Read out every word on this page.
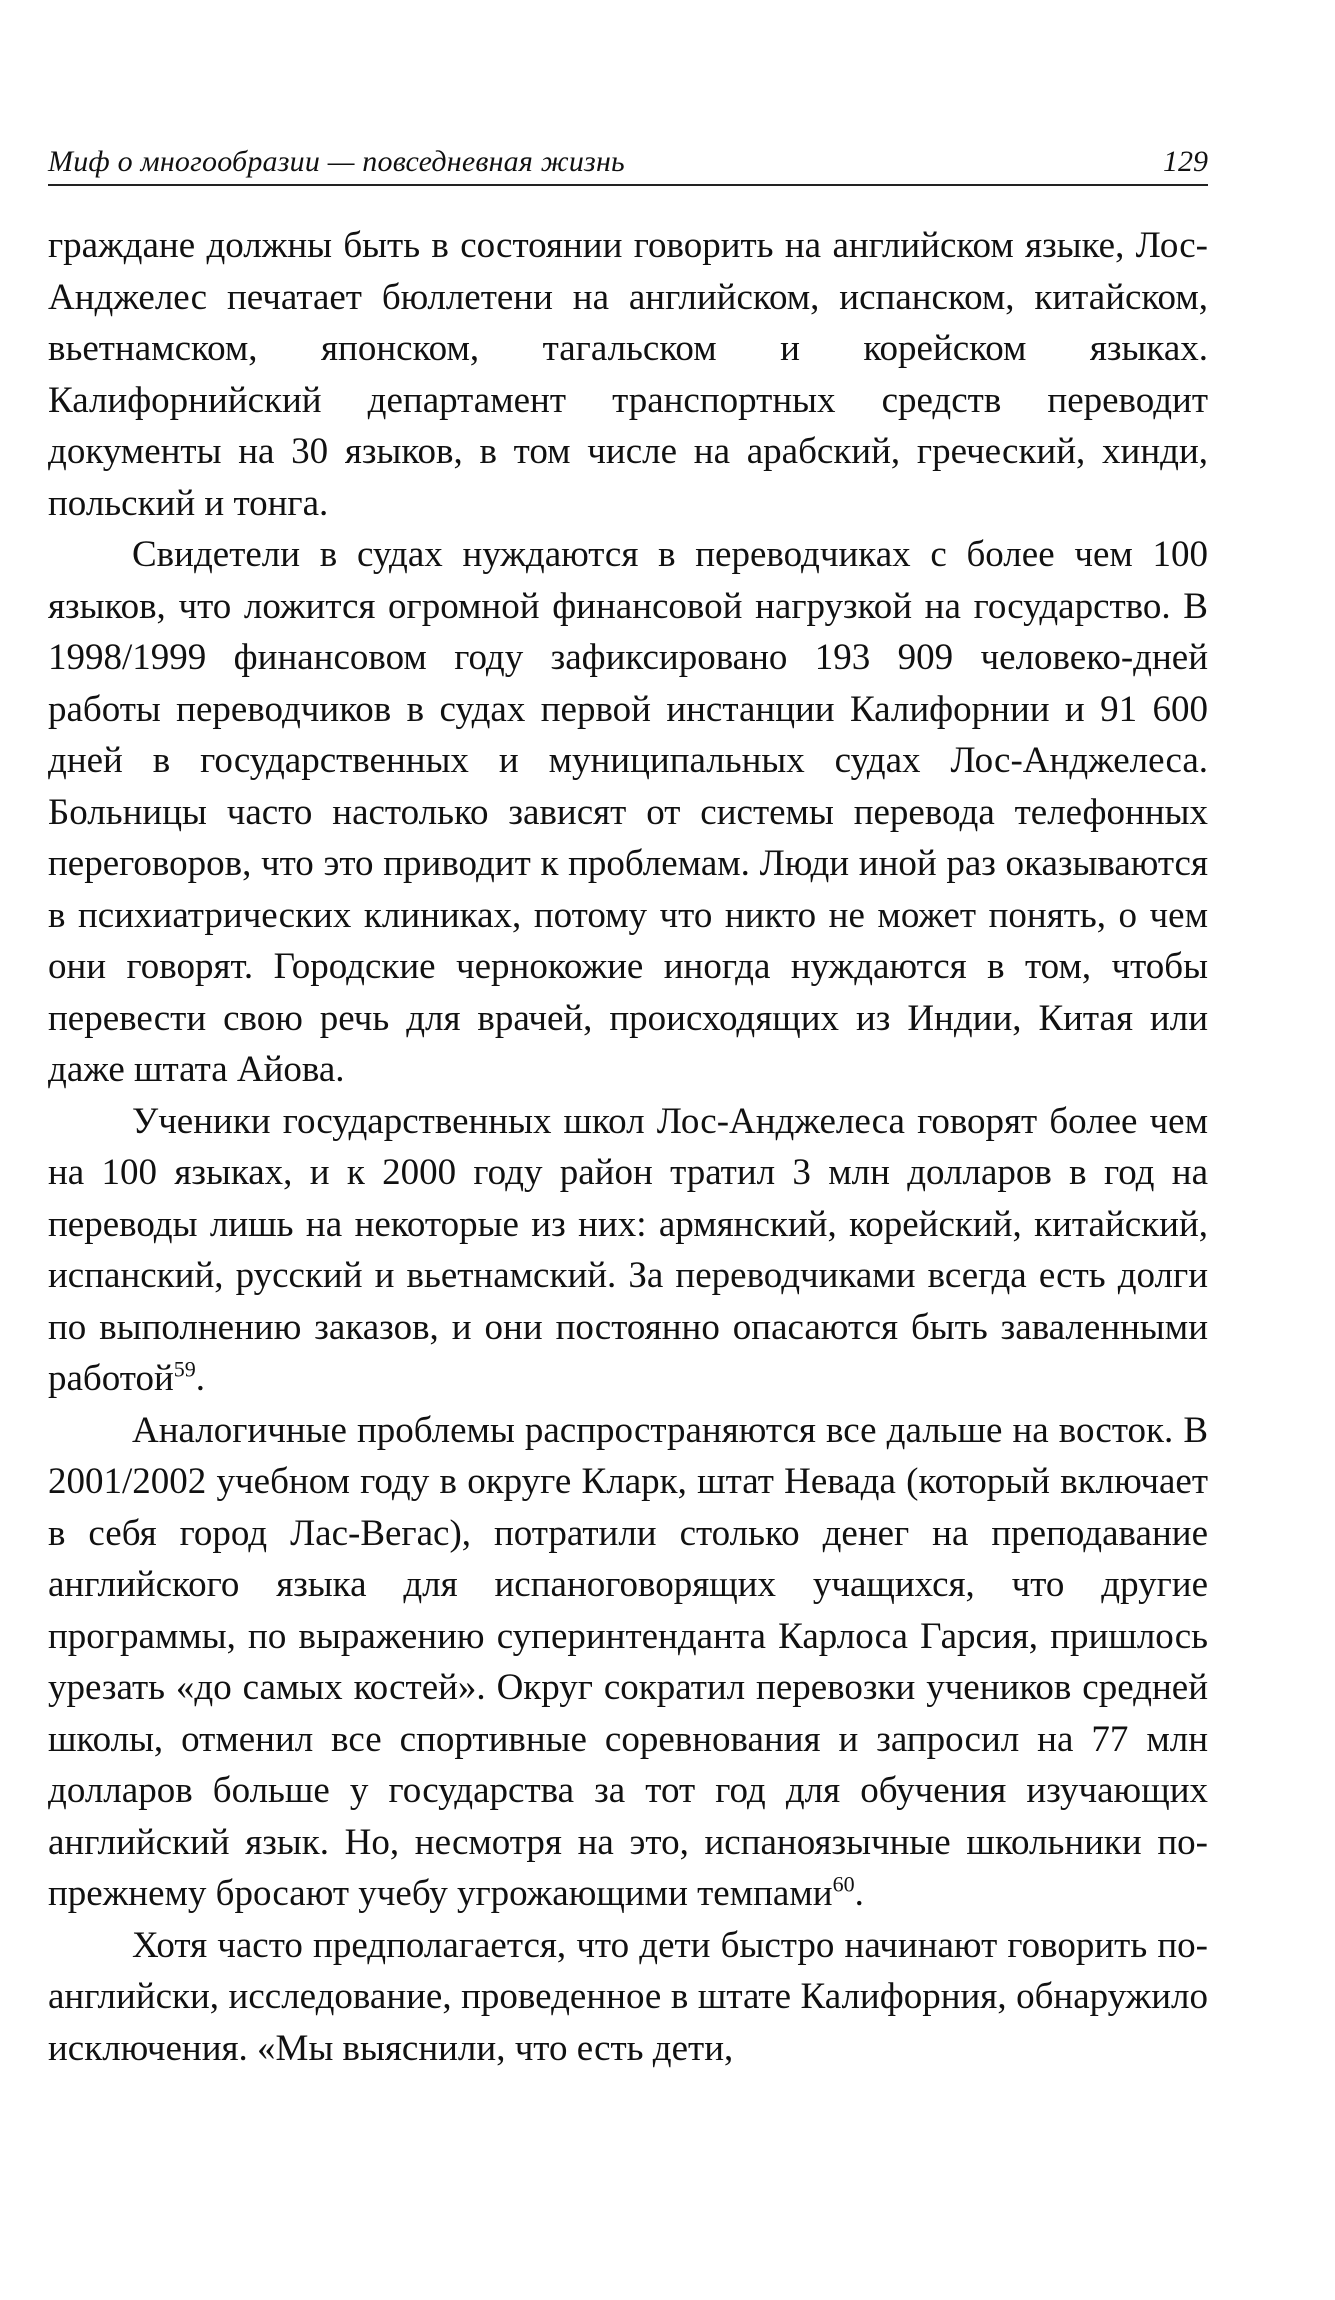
Миф о многообразии — повседневная жизнь	129

граждане должны быть в состоянии говорить на английском языке, Лос-Анджелес печатает бюллетени на английском, испанском, китайском, вьетнамском, японском, тагальском и корейском языках. Калифорнийский департамент транспортных средств переводит документы на 30 языков, в том числе на арабский, греческий, хинди, польский и тонга.

Свидетели в судах нуждаются в переводчиках с более чем 100 языков, что ложится огромной финансовой нагрузкой на государство. В 1998/1999 финансовом году зафиксировано 193 909 человеко-дней работы переводчиков в судах первой инстанции Калифорнии и 91 600 дней в государственных и муниципальных судах Лос-Анджелеса. Больницы часто настолько зависят от системы перевода телефонных переговоров, что это приводит к проблемам. Люди иной раз оказываются в психиатрических клиниках, потому что никто не может понять, о чем они говорят. Городские чернокожие иногда нуждаются в том, чтобы перевести свою речь для врачей, происходящих из Индии, Китая или даже штата Айова.

Ученики государственных школ Лос-Анджелеса говорят более чем на 100 языках, и к 2000 году район тратил 3 млн долларов в год на переводы лишь на некоторые из них: армянский, корейский, китайский, испанский, русский и вьетнамский. За переводчиками всегда есть долги по выполнению заказов, и они постоянно опасаются быть заваленными работой$^{59}$.

Аналогичные проблемы распространяются все дальше на восток. В 2001/2002 учебном году в округе Кларк, штат Невада (который включает в себя город Лас-Вегас), потратили столько денег на преподавание английского языка для испаноговорящих учащихся, что другие программы, по выражению суперинтенданта Карлоса Гарсия, пришлось урезать «до самых костей». Округ сократил перевозки учеников средней школы, отменил все спортивные соревнования и запросил на 77 млн долларов больше у государства за тот год для обучения изучающих английский язык. Но, несмотря на это, испаноязычные школьники по-прежнему бросают учебу угрожающими темпами$^{60}$.

Хотя часто предполагается, что дети быстро начинают говорить по-английски, исследование, проведенное в штате Калифорния, обнаружило исключения. «Мы выяснили, что есть дети,
